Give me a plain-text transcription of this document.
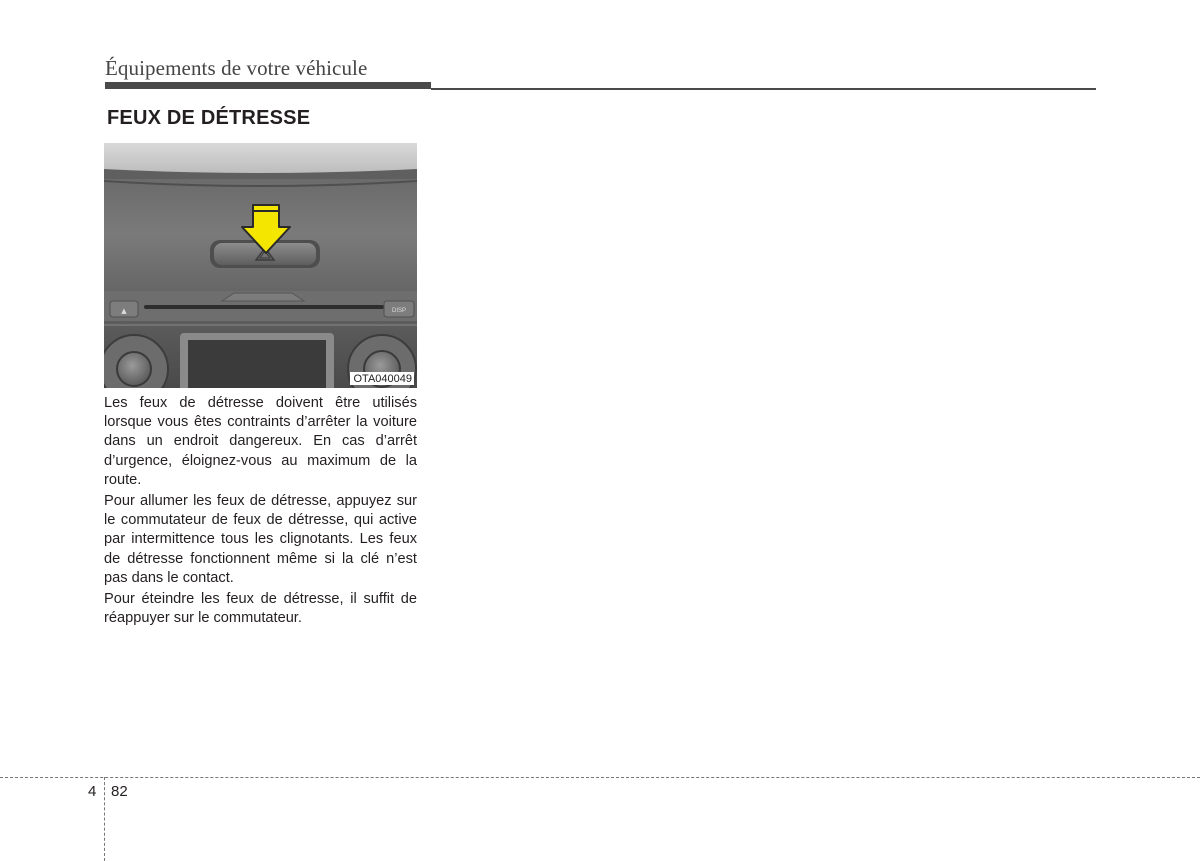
Équipements de votre véhicule
FEUX DE DÉTRESSE
▲	DISP
OTA040049

Les feux de détresse doivent être utilisés lorsque vous êtes contraints d’arrêter la voiture dans un endroit dangereux. En cas d’arrêt d’urgence, éloignez-vous au maximum de la route.

Pour allumer les feux de détresse, appuyez sur le commutateur de feux de détresse, qui active par intermittence tous les clignotants. Les feux de détresse fonctionnent même si la clé n’est pas dans le contact.

Pour éteindre les feux de détresse, il suffit de réappuyer sur le commutateur.

4 82
